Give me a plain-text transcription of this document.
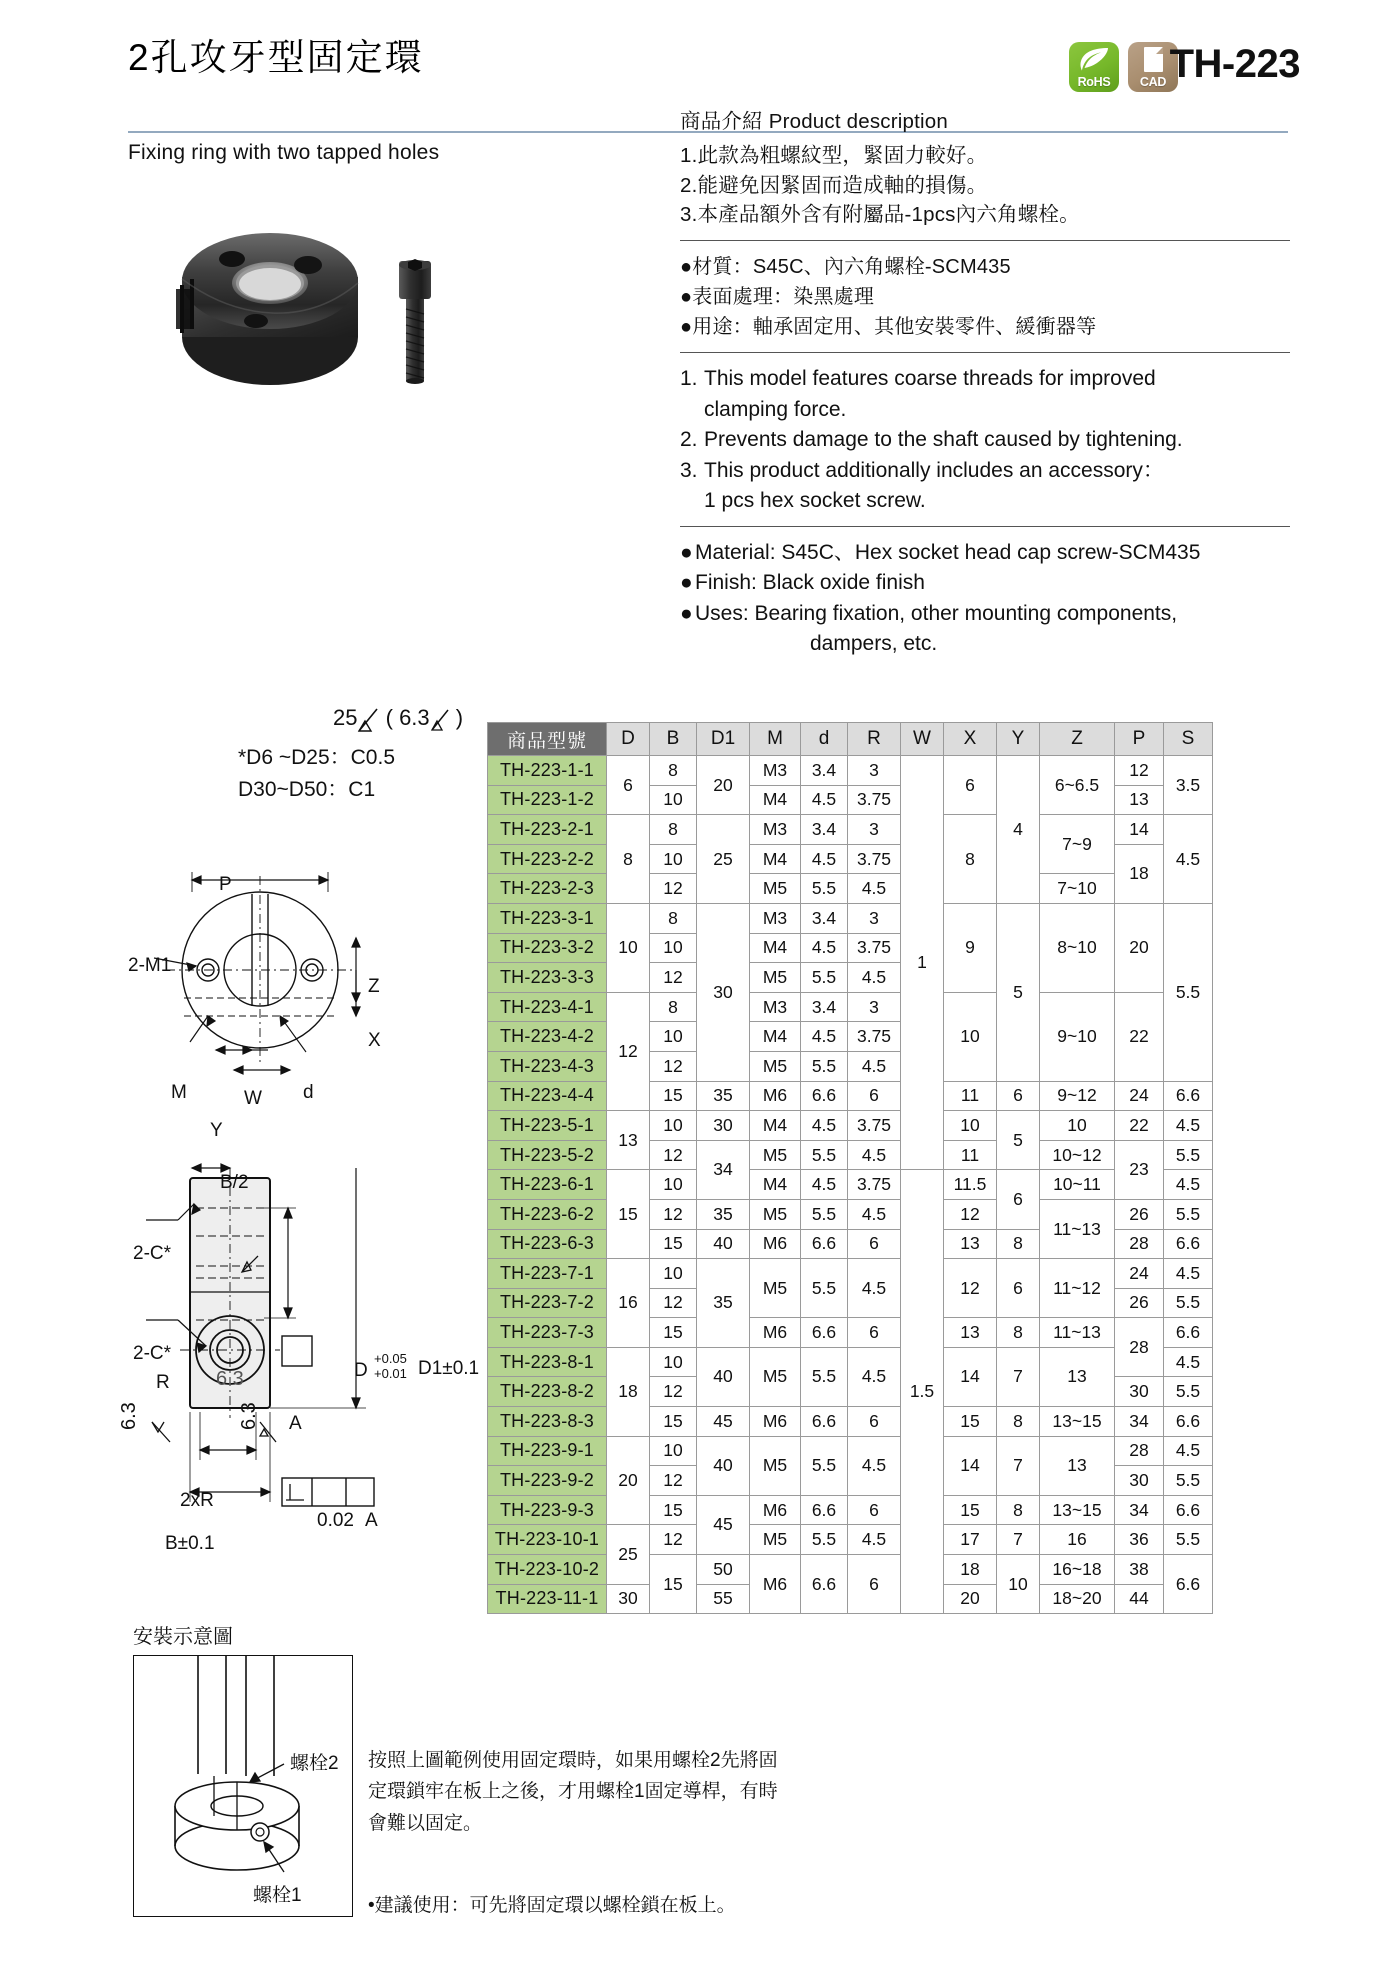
2孔攻牙型固定環
Fixing ring with two tapped holes
RoHS CAD TH-223
商品介紹 Product description
1.此款為粗螺紋型，緊固力較好。
2.能避免因緊固而造成軸的損傷。
3.本產品額外含有附屬品-1pcs內六角螺栓。
●材質：S45C、內六角螺栓-SCM435
●表面處理：染黑處理
●用途：軸承固定用、其他安裝零件、緩衝器等
1. This model features coarse threads for improved
clamping force.
2. Prevents damage to the shaft caused by tightening.
3. This product additionally includes an accessory：
1 pcs hex socket screw.
● Material: S45C、Hex socket head cap screw-SCM435
● Finish: Black oxide finish
● Uses: Bearing fixation, other mounting components,
dampers, etc.
25 ( 6.3 )
*D6 ~D25：C0.5
D30~D50：C1
P
2-M1
Z
X
M	W
Y
d
2-C*
2-C*
B/2
R 6.3	D
+0.05
+0.01 D1±0.1
A
6.3	6.3
2xR
B±0.1
0.02 A
安裝示意圖
螺栓2
螺栓1
按照上圖範例使用固定環時，如果用螺栓2先將固定環鎖牢在板上之後，才用螺栓1固定導桿，有時會難以固定。
•建議使用：可先將固定環以螺栓鎖在板上。
商品型號	D	B	D1	M	d	R	W	X	Y	Z	P	S
TH-223-1-1	6	8	20	M3	3.4	3	1	6	4	6~6.5	12	3.5
TH-223-1-2		10		M4	4.5	3.75					13	
TH-223-2-1	8	8	25	M3	3.4	3		8		7~9	14	4.5
TH-223-2-2		10		M4	4.5	3.75					18	
TH-223-2-3		12		M5	5.5	4.5				7~10		
TH-223-3-1	10	8	30	M3	3.4	3		9	5	8~10	20	5.5
TH-223-3-2		10		M4	4.5	3.75						
TH-223-3-3		12		M5	5.5	4.5						
TH-223-4-1	12	8		M3	3.4	3		10		9~10	22	
TH-223-4-2		10		M4	4.5	3.75						
TH-223-4-3		12		M5	5.5	4.5						
TH-223-4-4		15	35	M6	6.6	6		11	6	9~12	24	6.6
TH-223-5-1	13	10	30	M4	4.5	3.75		10	5	10	22	4.5
TH-223-5-2		12	34	M5	5.5	4.5		11		10~12	23	5.5
TH-223-6-1	15	10		M4	4.5	3.75	1.5	11.5	6	10~11		4.5
TH-223-6-2		12	35	M5	5.5	4.5		12		11~13	26	5.5
TH-223-6-3		15	40	M6	6.6	6		13	8		28	6.6
TH-223-7-1	16	10	35	M5	5.5	4.5		12	6	11~12	24	4.5
TH-223-7-2		12									26	5.5
TH-223-7-3		15		M6	6.6	6		13	8	11~13	28	6.6
TH-223-8-1	18	10	40	M5	5.5	4.5		14	7	13		4.5
TH-223-8-2		12									30	5.5
TH-223-8-3		15	45	M6	6.6	6		15	8	13~15	34	6.6
TH-223-9-1	20	10	40	M5	5.5	4.5		14	7	13	28	4.5
TH-223-9-2		12									30	5.5
TH-223-9-3		15	45	M6	6.6	6		15	8	13~15	34	6.6
TH-223-10-1	25	12		M5	5.5	4.5		17	7	16	36	5.5
TH-223-10-2		15	50	M6	6.6	6		18	10	16~18	38	6.6
TH-223-11-1	30		55					20		18~20	44	
